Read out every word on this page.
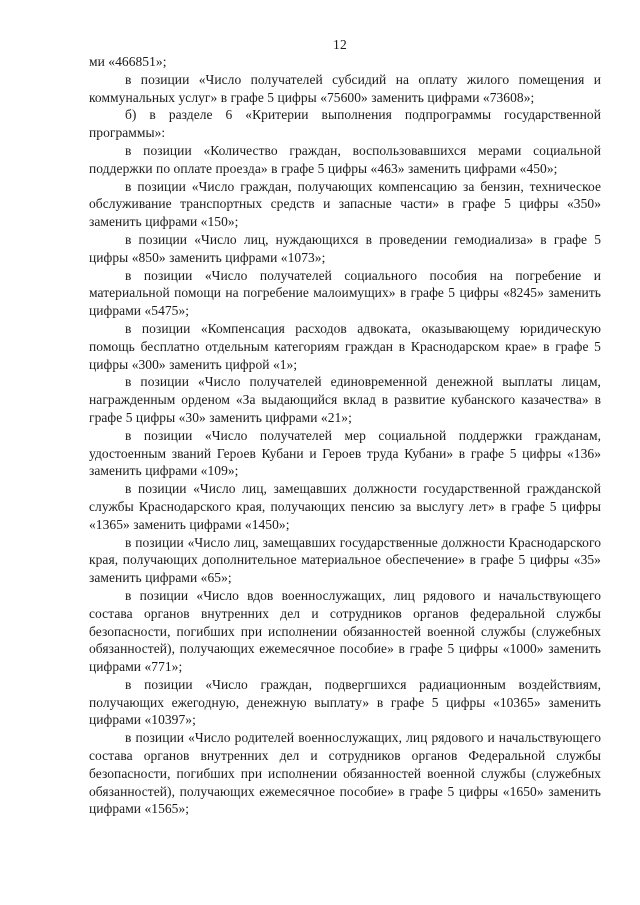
12

ми «466851»;

в позиции «Число получателей субсидий на оплату жилого помещения и коммунальных услуг» в графе 5 цифры «75600» заменить цифрами «73608»;

б) в разделе 6 «Критерии выполнения подпрограммы государственной программы»:

в позиции «Количество граждан, воспользовавшихся мерами социальной поддержки по оплате проезда» в графе 5 цифры «463» заменить цифрами «450»;

в позиции «Число граждан, получающих компенсацию за бензин, техническое обслуживание транспортных средств и запасные части» в графе 5 цифры «350» заменить цифрами «150»;

в позиции «Число лиц, нуждающихся в проведении гемодиализа» в графе 5 цифры «850» заменить цифрами «1073»;

в позиции «Число получателей социального пособия на погребение и материальной помощи на погребение малоимущих» в графе 5 цифры «8245» заменить цифрами «5475»;

в позиции «Компенсация расходов адвоката, оказывающему юридическую помощь бесплатно отдельным категориям граждан в Краснодарском крае» в графе 5 цифры «300» заменить цифрой «1»;

в позиции «Число получателей единовременной денежной выплаты лицам, награжденным орденом «За выдающийся вклад в развитие кубанского казачества» в графе 5 цифры «30» заменить цифрами «21»;

в позиции «Число получателей мер социальной поддержки гражданам, удостоенным званий Героев Кубани и Героев труда Кубани» в графе 5 цифры «136» заменить цифрами «109»;

в позиции «Число лиц, замещавших должности государственной гражданской службы Краснодарского края, получающих пенсию за выслугу лет» в графе 5 цифры «1365» заменить цифрами «1450»;

в позиции «Число лиц, замещавших государственные должности Краснодарского края, получающих дополнительное материальное обеспечение» в графе 5 цифры «35» заменить цифрами «65»;

в позиции «Число вдов военнослужащих, лиц рядового и начальствующего состава органов внутренних дел и сотрудников органов федеральной службы безопасности, погибших при исполнении обязанностей военной службы (служебных обязанностей), получающих ежемесячное пособие» в графе 5 цифры «1000» заменить цифрами «771»;

в позиции «Число граждан, подвергшихся радиационным воздействиям, получающих ежегодную, денежную выплату» в графе 5 цифры «10365» заменить цифрами «10397»;

в позиции «Число родителей военнослужащих, лиц рядового и начальствующего состава органов внутренних дел и сотрудников органов Федеральной службы безопасности, погибших при исполнении обязанностей военной службы (служебных обязанностей), получающих ежемесячное пособие» в графе 5 цифры «1650» заменить цифрами «1565»;
